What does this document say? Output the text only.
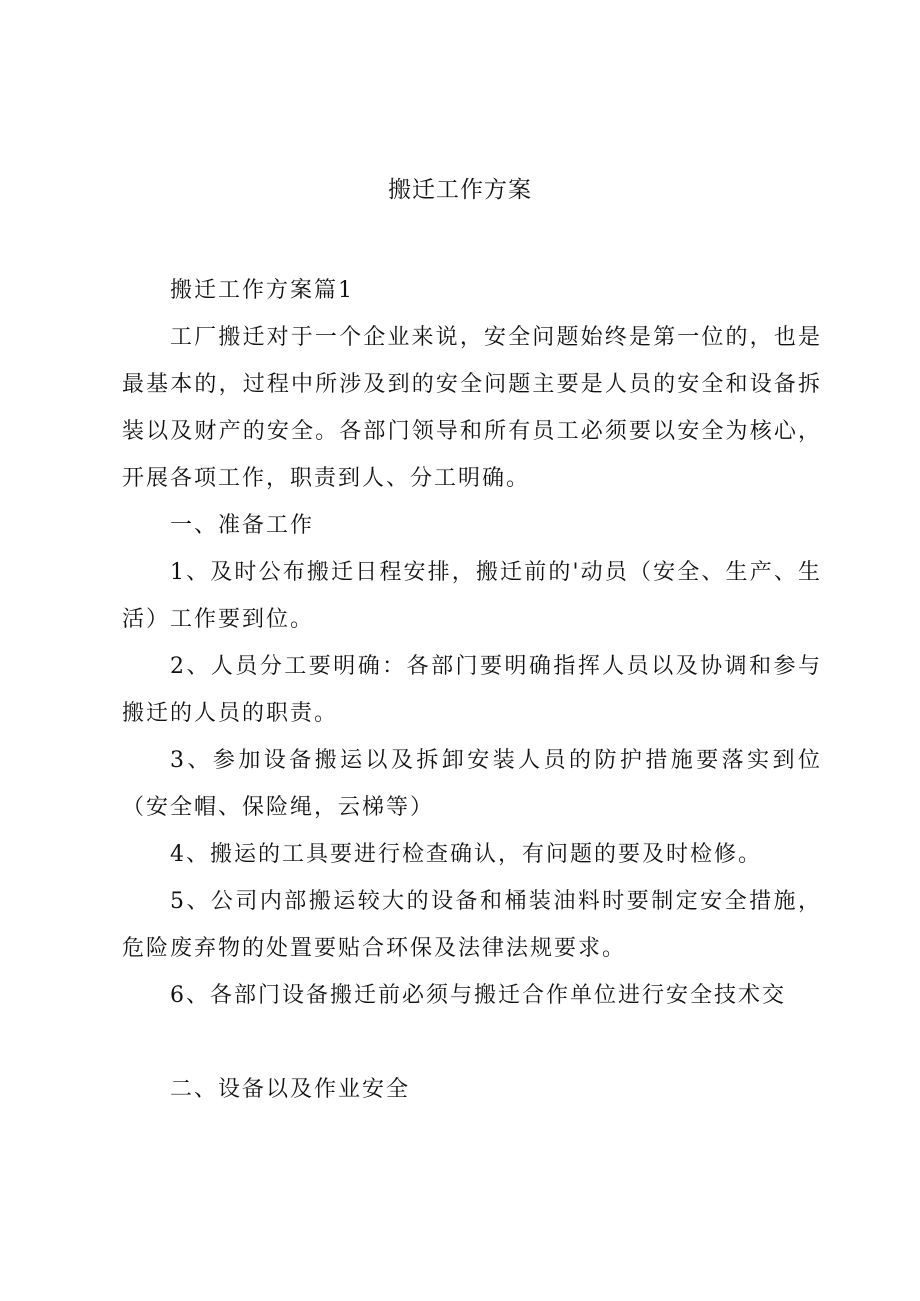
搬迁工作方案

搬迁工作方案篇1

工厂搬迁对于一个企业来说，安全问题始终是第一位的，也是最基本的，过程中所涉及到的安全问题主要是人员的安全和设备拆装以及财产的安全。各部门领导和所有员工必须要以安全为核心，开展各项工作，职责到人、分工明确。

一、准备工作

1、及时公布搬迁日程安排，搬迁前的'动员（安全、生产、生活）工作要到位。

2、人员分工要明确：各部门要明确指挥人员以及协调和参与搬迁的人员的职责。

3、参加设备搬运以及拆卸安装人员的防护措施要落实到位（安全帽、保险绳，云梯等）

4、搬运的工具要进行检查确认，有问题的要及时检修。

5、公司内部搬运较大的设备和桶装油料时要制定安全措施，危险废弃物的处置要贴合环保及法律法规要求。

6、各部门设备搬迁前必须与搬迁合作单位进行安全技术交

二、设备以及作业安全
